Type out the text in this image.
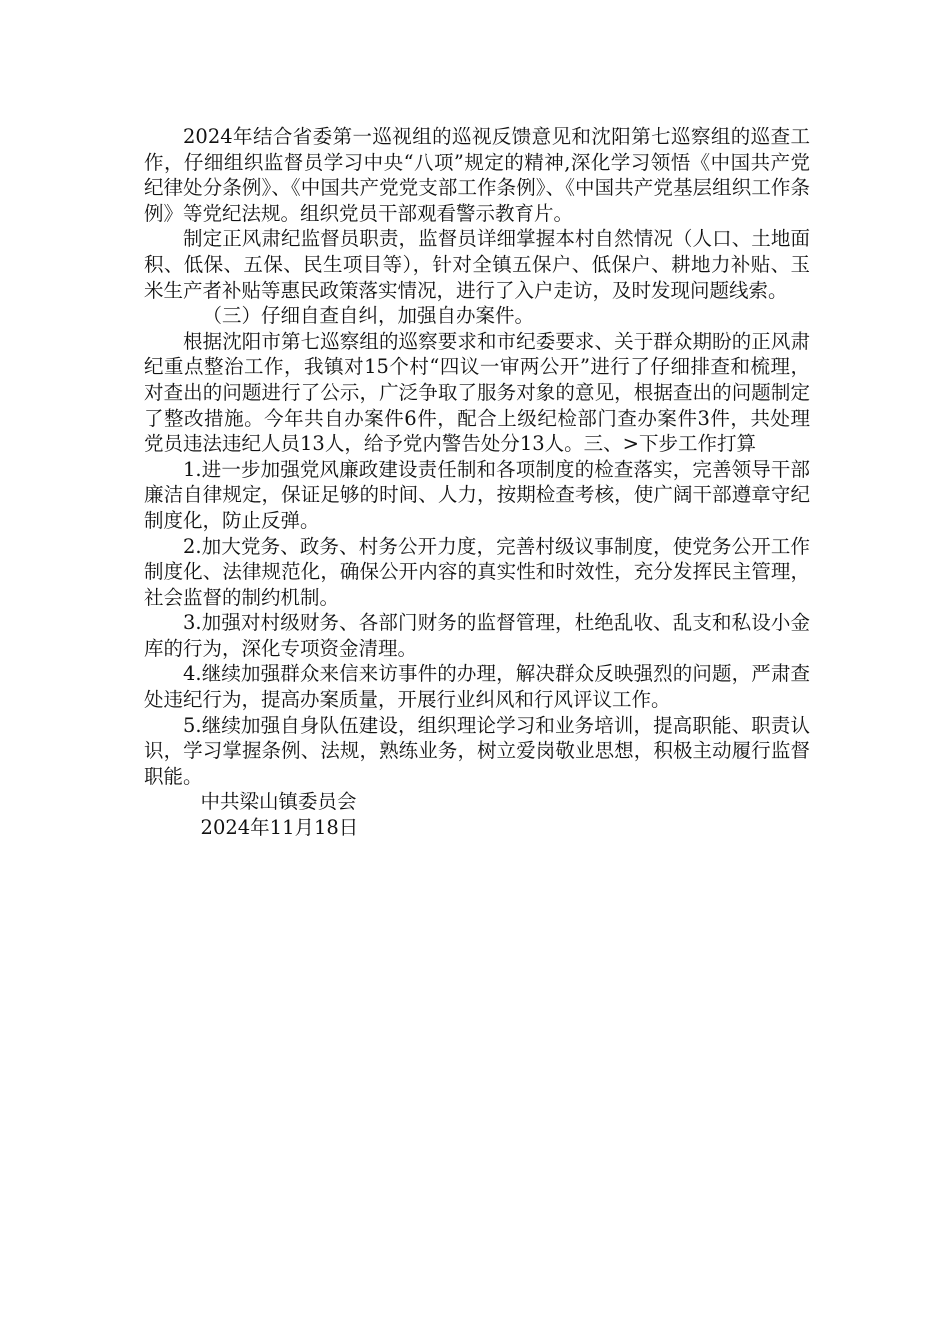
2024年结合省委第一巡视组的巡视反馈意见和沈阳第七巡察组的巡查工作，仔细组织监督员学习中央“八项”规定的精神,深化学习领悟《中国共产党纪律处分条例》、《中国共产党党支部工作条例》、《中国共产党基层组织工作条例》等党纪法规。组织党员干部观看警示教育片。

制定正风肃纪监督员职责，监督员详细掌握本村自然情况（人口、土地面积、低保、五保、民生项目等），针对全镇五保户、低保户、耕地力补贴、玉米生产者补贴等惠民政策落实情况，进行了入户走访，及时发现问题线索。

（三）仔细自查自纠，加强自办案件。

根据沈阳市第七巡察组的巡察要求和市纪委要求、关于群众期盼的正风肃纪重点整治工作，我镇对15个村“四议一审两公开”进行了仔细排查和梳理，对查出的问题进行了公示，广泛争取了服务对象的意见，根据查出的问题制定了整改措施。今年共自办案件6件，配合上级纪检部门查办案件3件，共处理党员违法违纪人员13人，给予党内警告处分13人。三、>下步工作打算

1.进一步加强党风廉政建设责任制和各项制度的检查落实，完善领导干部廉洁自律规定，保证足够的时间、人力，按期检查考核，使广阔干部遵章守纪制度化，防止反弹。

2.加大党务、政务、村务公开力度，完善村级议事制度，使党务公开工作制度化、法律规范化，确保公开内容的真实性和时效性，充分发挥民主管理，社会监督的制约机制。

3.加强对村级财务、各部门财务的监督管理，杜绝乱收、乱支和私设小金库的行为，深化专项资金清理。

4.继续加强群众来信来访事件的办理，解决群众反映强烈的问题，严肃查处违纪行为，提高办案质量，开展行业纠风和行风评议工作。

5.继续加强自身队伍建设，组织理论学习和业务培训，提高职能、职责认识，学习掌握条例、法规，熟练业务，树立爱岗敬业思想，积极主动履行监督职能。

中共梁山镇委员会

2024年11月18日
